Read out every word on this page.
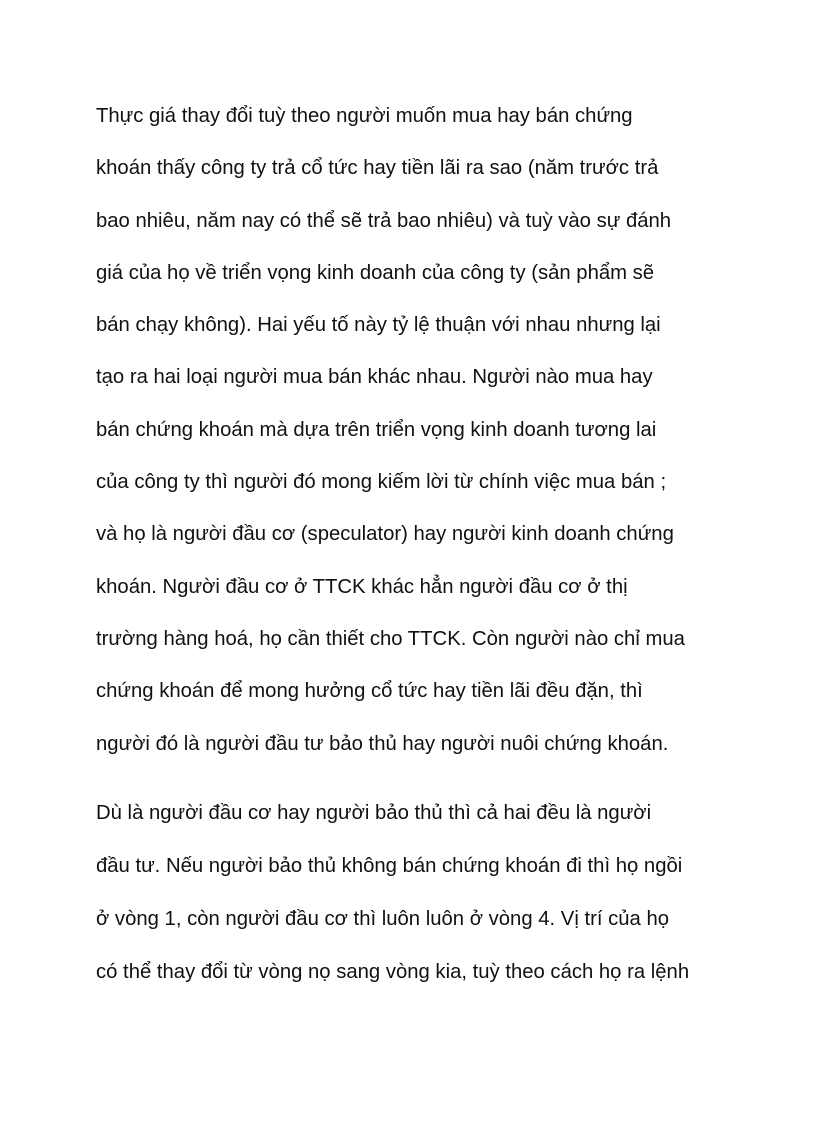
Thực giá thay đổi tuỳ theo người muốn mua hay bán chứng
khoán thấy công ty trả cổ tức hay tiền lãi ra sao (năm trước trả
bao nhiêu, năm nay có thể sẽ trả bao nhiêu) và tuỳ vào sự đánh
giá của họ về triển vọng kinh doanh của công ty (sản phẩm sẽ
bán chạy không). Hai yếu tố này tỷ lệ thuận với nhau nhưng lại
tạo ra hai loại người mua bán khác nhau. Người nào mua hay
bán chứng khoán mà dựa trên triển vọng kinh doanh tương lai
của công ty thì người đó mong kiếm lời từ chính việc mua bán ;
và họ là người đầu cơ (speculator) hay người kinh doanh chứng
khoán. Người đầu cơ ở TTCK khác hẳn người đầu cơ ở thị
trường hàng hoá, họ cần thiết cho TTCK. Còn người nào chỉ mua
chứng khoán để mong hưởng cổ tức hay tiền lãi đều đặn, thì
người đó là người đầu tư bảo thủ hay người nuôi chứng khoán.

Dù là người đầu cơ hay người bảo thủ thì cả hai đều là người
đầu tư. Nếu người bảo thủ không bán chứng khoán đi thì họ ngồi
ở vòng 1, còn người đầu cơ thì luôn luôn ở vòng 4. Vị trí của họ
có thể thay đổi từ vòng nọ sang vòng kia, tuỳ theo cách họ ra lệnh
